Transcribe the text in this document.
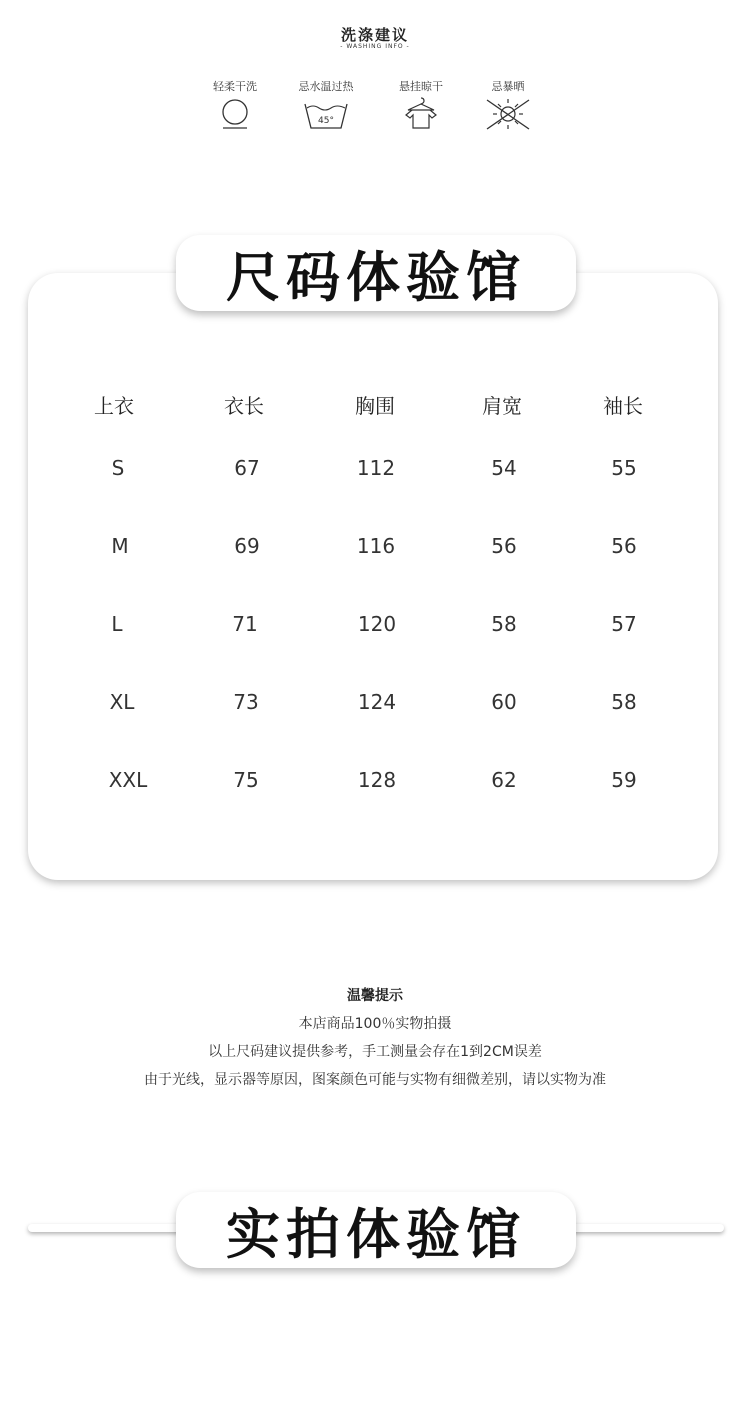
洗涤建议
- WASHING INFO -
轻柔干洗	忌水温过热
45°
悬挂晾干	忌暴晒
尺码体验馆
上衣	衣长	胸围	肩宽	袖长
S	67	112	54	55
M	69	116	56	56
L	71	120	58	57
XL	73	124	60	58
XXL	75	128	62	59
温馨提示
本店商品100％实物拍摄
以上尺码建议提供参考，手工测量会存在1到2CM误差
由于光线，显示器等原因，图案颜色可能与实物有细微差别，请以实物为准
实拍体验馆
